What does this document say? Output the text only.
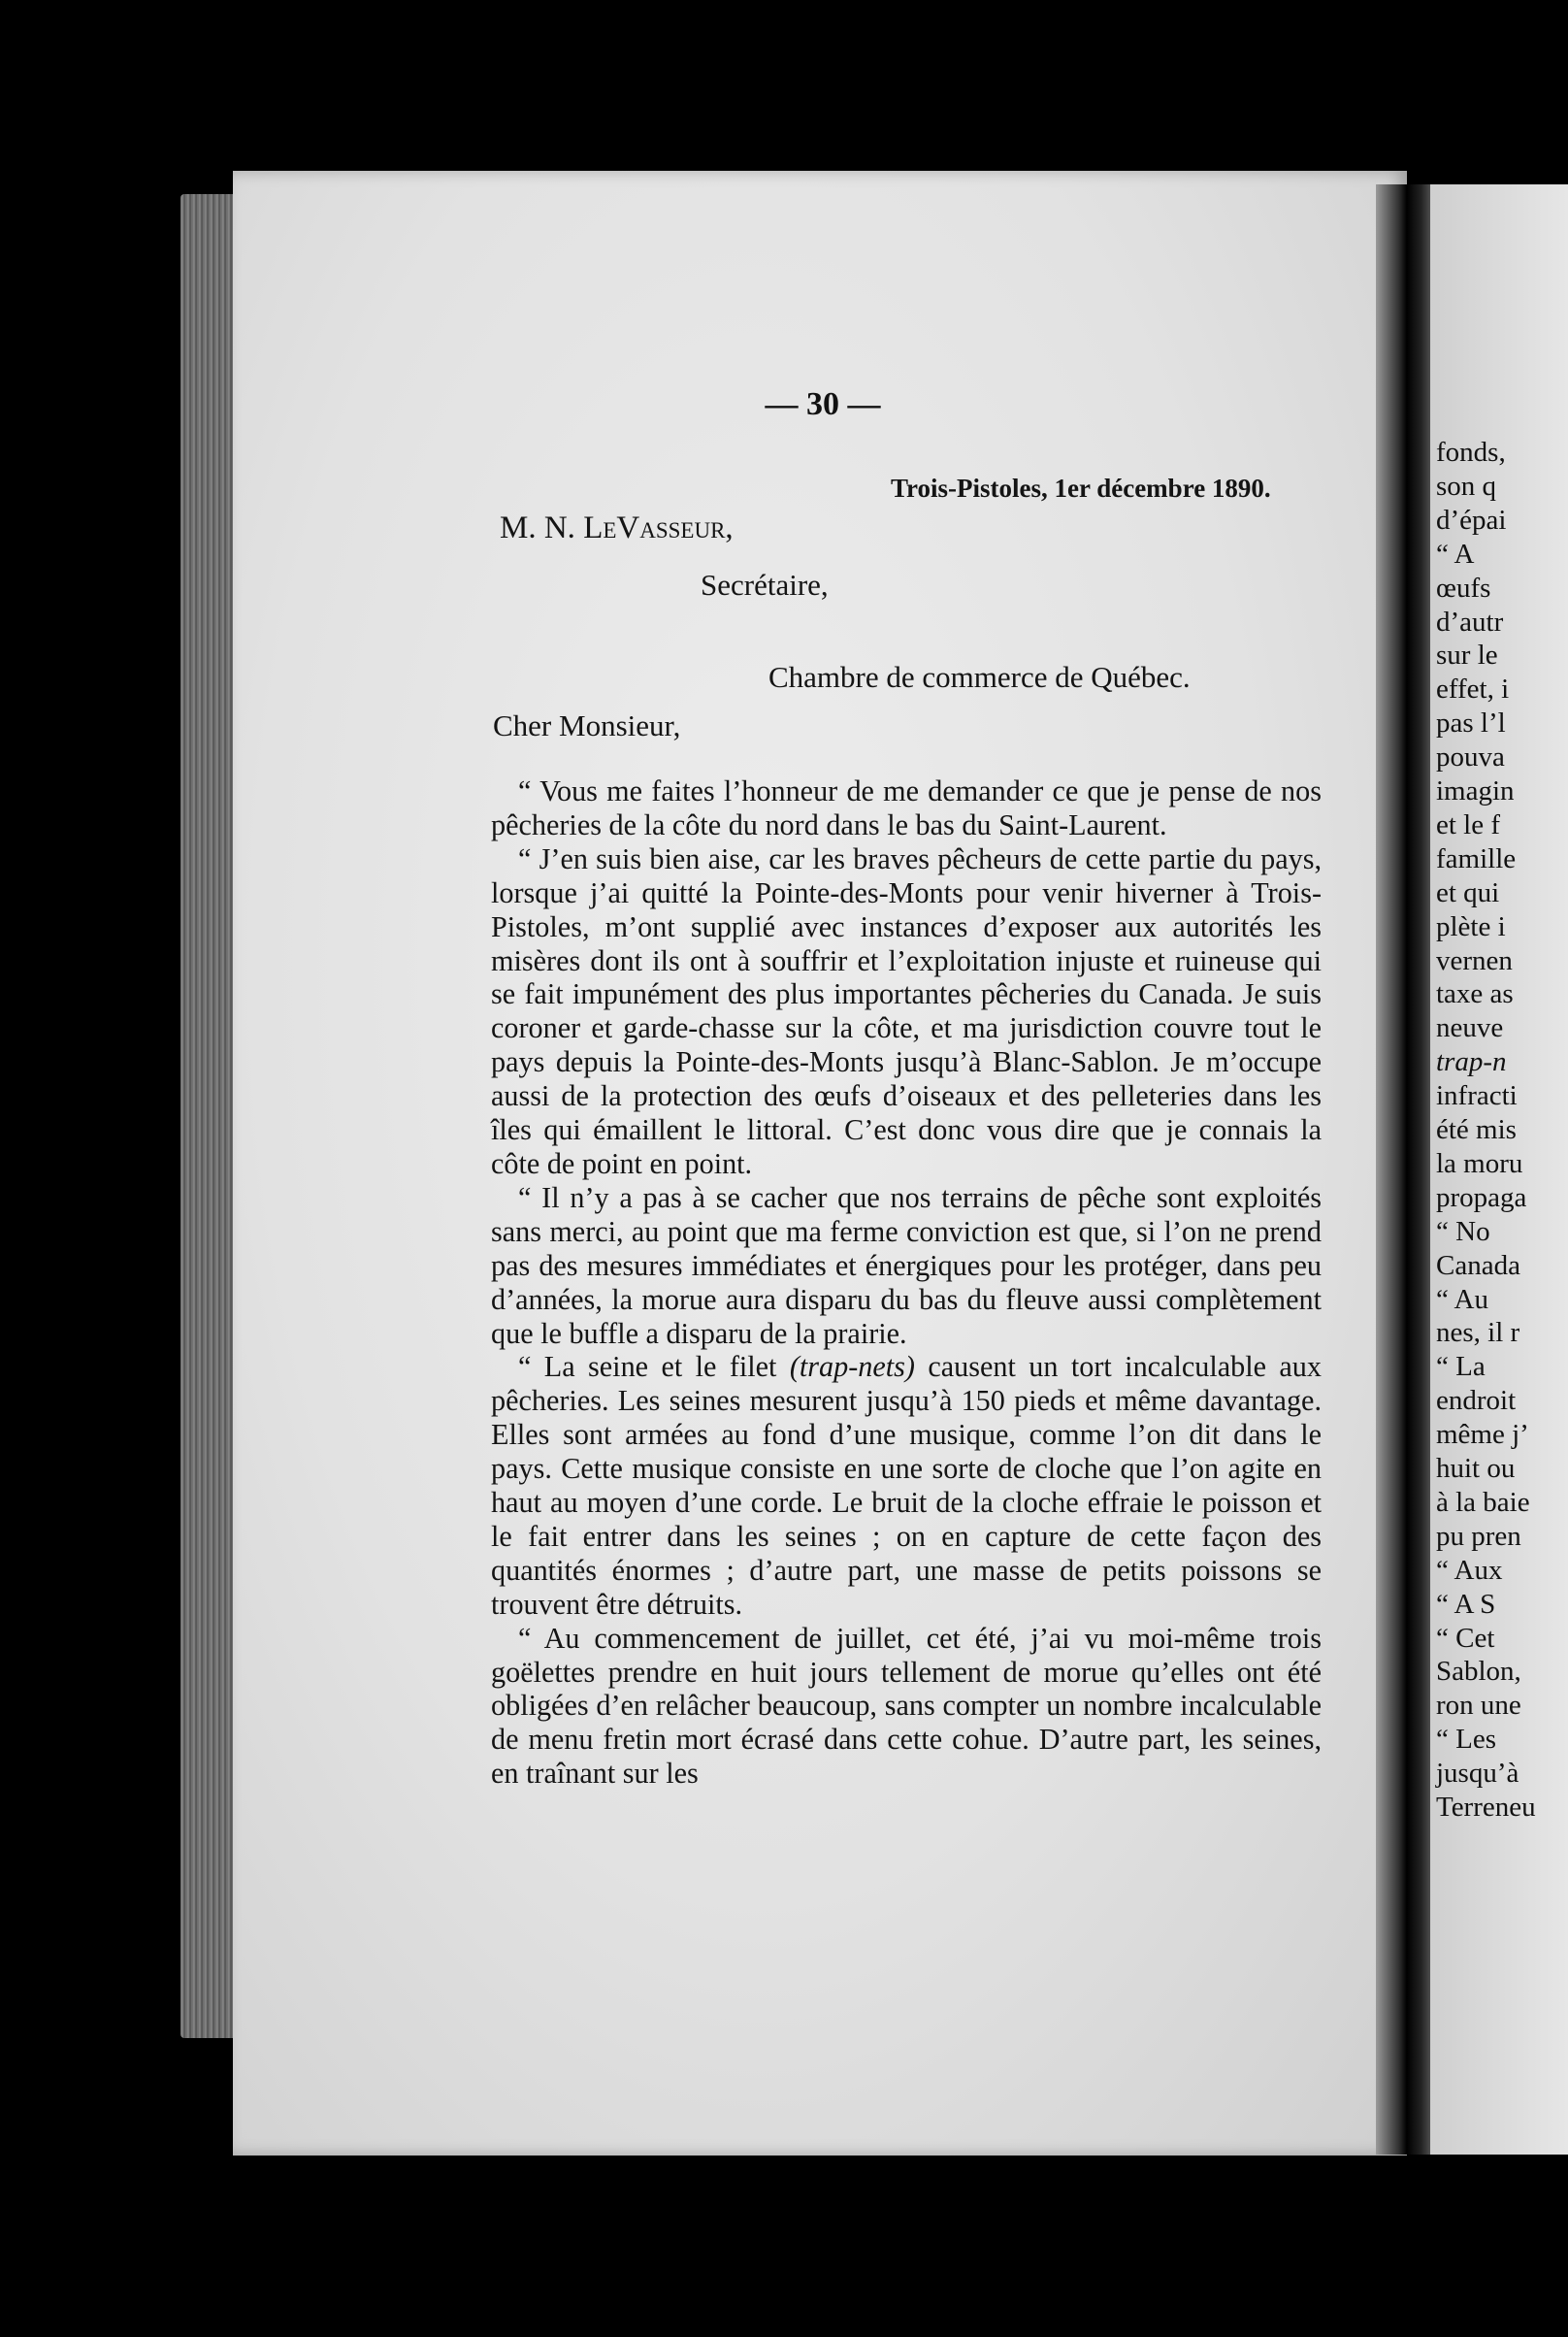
fonds,
son q
d’épai
“ A
œufs
d’autr
sur le
effet, i
pas l’l
pouva
imagin
et le f
famille
et qui
plète i
vernen
taxe as
neuve
trap-n
infracti
été mis
la moru
propaga
“ No
Canada
“ Au
nes, il r
“ La
endroit
même j’
huit ou
à la baie
pu pren
“ Aux
“ A S
“ Cet
Sablon,
ron une
“ Les
jusqu’à
Terreneu
— 30 —
Trois-Pistoles, 1er décembre 1890.
M. N. LeVasseur,
Secrétaire,
Chambre de commerce de Québec.
Cher Monsieur,

“ Vous me faites l’honneur de me demander ce que je pense de nos pêcheries de la côte du nord dans le bas du Saint-Laurent.

“ J’en suis bien aise, car les braves pêcheurs de cette partie du pays, lorsque j’ai quitté la Pointe-des-Monts pour venir hiverner à Trois-Pistoles, m’ont supplié avec instances d’exposer aux autorités les misères dont ils ont à souffrir et l’exploitation injuste et ruineuse qui se fait impunément des plus importantes pêcheries du Canada. Je suis coroner et garde-chasse sur la côte, et ma jurisdiction couvre tout le pays depuis la Pointe-des-Monts jusqu’à Blanc-Sablon. Je m’occupe aussi de la protection des œufs d’oiseaux et des pelleteries dans les îles qui émaillent le littoral. C’est donc vous dire que je connais la côte de point en point.

“ Il n’y a pas à se cacher que nos terrains de pêche sont exploités sans merci, au point que ma ferme conviction est que, si l’on ne prend pas des mesures immédiates et énergiques pour les protéger, dans peu d’années, la morue aura disparu du bas du fleuve aussi complètement que le buffle a disparu de la prairie.

“ La seine et le filet (trap-nets) causent un tort incalculable aux pêcheries. Les seines mesurent jusqu’à 150 pieds et même davantage. Elles sont armées au fond d’une musique, comme l’on dit dans le pays. Cette musique consiste en une sorte de cloche que l’on agite en haut au moyen d’une corde. Le bruit de la cloche effraie le poisson et le fait entrer dans les seines ; on en capture de cette façon des quantités énormes ; d’autre part, une masse de petits poissons se trouvent être détruits.

“ Au commencement de juillet, cet été, j’ai vu moi-même trois goëlettes prendre en huit jours tellement de morue qu’elles ont été obligées d’en relâcher beaucoup, sans compter un nombre incalculable de menu fretin mort écrasé dans cette cohue. D’autre part, les seines, en traînant sur les
